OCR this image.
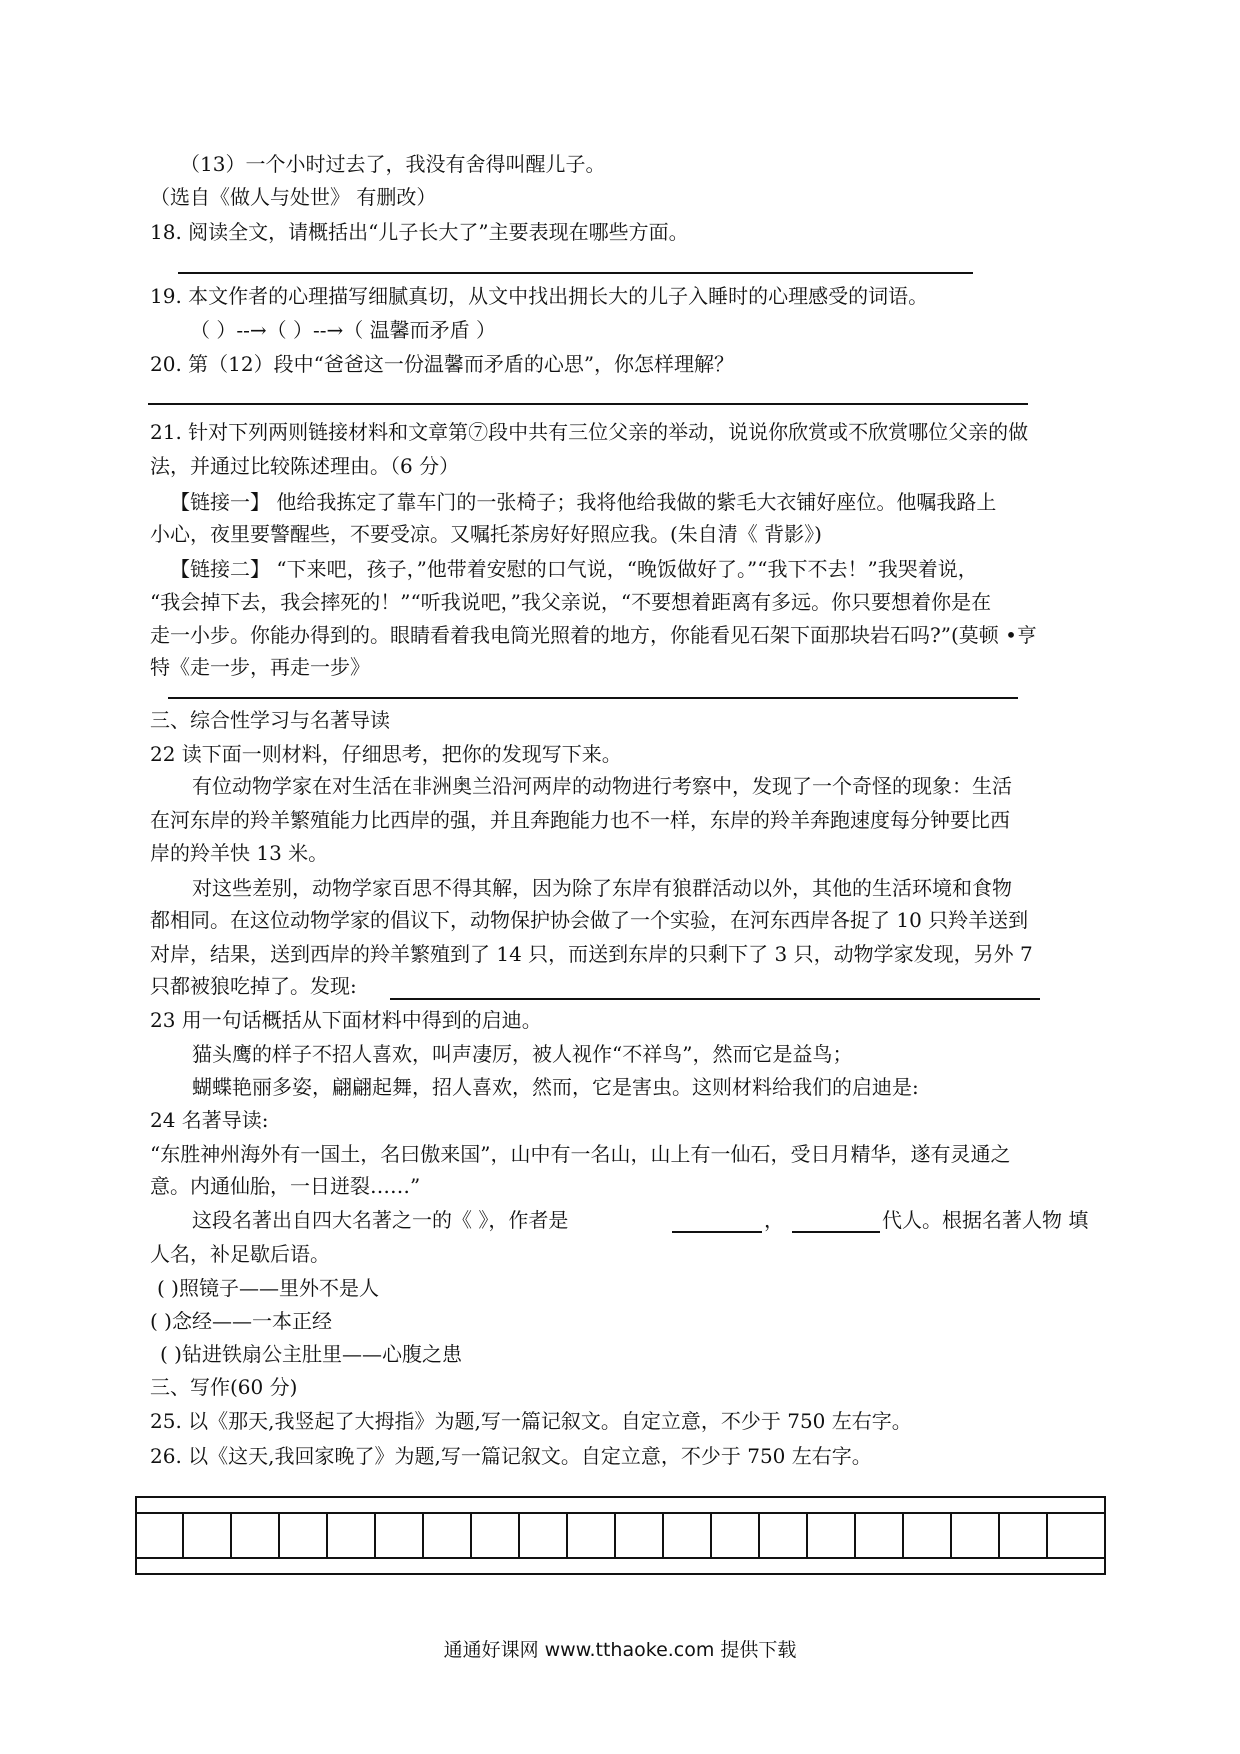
（13）一个小时过去了，我没有舍得叫醒儿子。
（选自《做人与处世》 有删改）
18. 阅读全文，请概括出“儿子长大了”主要表现在哪些方面。
19. 本文作者的心理描写细腻真切，从文中找出拥长大的儿子入睡时的心理感受的词语。
（ ）--→（ ）--→（ 温馨而矛盾 ）
20. 第（12）段中“爸爸这一份温馨而矛盾的心思”，你怎样理解？
21. 针对下列两则链接材料和文章第⑦段中共有三位父亲的举动，说说你欣赏或不欣赏哪位父亲的做
法，并通过比较陈述理由。（6 分）
【链接一】 他给我拣定了靠车门的一张椅子；我将他给我做的紫毛大衣铺好座位。他嘱我路上
小心，夜里要警醒些，不要受凉。又嘱托茶房好好照应我。(朱自清《 背影》)
【链接二】 “下来吧，孩子，”他带着安慰的口气说，“晚饭做好了。”“我下不去！”我哭着说，
“我会掉下去，我会摔死的！”“听我说吧，”我父亲说，“不要想着距离有多远。你只要想着你是在
走一小步。你能办得到的。眼睛看着我电筒光照着的地方，你能看见石架下面那块岩石吗?”(莫顿 •亨
特《走一步，再走一步》
三、综合性学习与名著导读
22 读下面一则材料，仔细思考，把你的发现写下来。
有位动物学家在对生活在非洲奥兰沿河两岸的动物进行考察中，发现了一个奇怪的现象：生活
在河东岸的羚羊繁殖能力比西岸的强，并且奔跑能力也不一样，东岸的羚羊奔跑速度每分钟要比西
岸的羚羊快 13 米。
对这些差别，动物学家百思不得其解，因为除了东岸有狼群活动以外，其他的生活环境和食物
都相同。在这位动物学家的倡议下，动物保护协会做了一个实验，在河东西岸各捉了 10 只羚羊送到
对岸，结果，送到西岸的羚羊繁殖到了 14 只，而送到东岸的只剩下了 3 只，动物学家发现，另外 7
只都被狼吃掉了。发现:
23 用一句话概括从下面材料中得到的启迪。
猫头鹰的样子不招人喜欢，叫声凄厉，被人视作“不祥鸟”，然而它是益鸟；
蝴蝶艳丽多姿，翩翩起舞，招人喜欢，然而，它是害虫。这则材料给我们的启迪是:
24 名著导读:
“东胜神州海外有一国土，名曰傲来国”，山中有一名山，山上有一仙石，受日月精华，遂有灵通之
意。内通仙胎，一日迸裂……”
这段名著出自四大名著之一的《 》，作者是	，	代人。根据名著人物 填
人名，补足歇后语。
( )照镜子——里外不是人
( )念经——一本正经
( )钻进铁扇公主肚里——心腹之患
三、写作(60 分)
25. 以《那天,我竖起了大拇指》为题,写一篇记叙文。自定立意，不少于 750 左右字。
26. 以《这天,我回家晚了》为题,写一篇记叙文。自定立意，不少于 750 左右字。
通通好课网 www.tthaoke.com 提供下载
